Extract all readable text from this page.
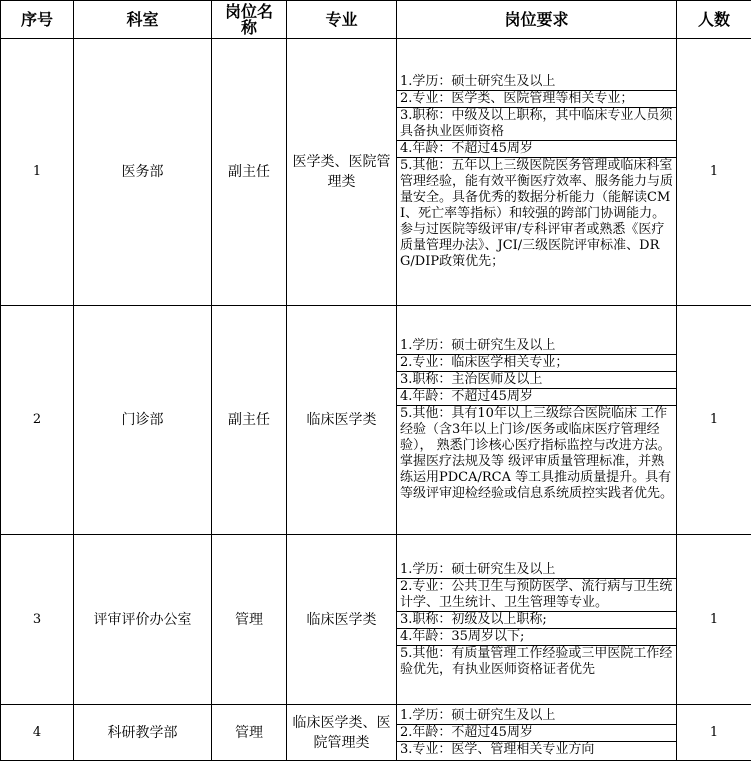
序号	科室	岗位名称	专业	岗位要求	人数
1	医务部	副主任	医学类、医院管理类	1.学历：硕士研究生及以上
2.专业：医学类、医院管理等相关专业；
3.职称：中级及以上职称，其中临床专业人员须具备执业医师资格
4.年龄：不超过45周岁
5.其他：五年以上三级医院医务管理或临床科室管理经验，能有效平衡医疗效率、服务能力与质量安全。具备优秀的数据分析能力（能解读CMI、死亡率等指标）和较强的跨部门协调能力。参与过医院等级评审/专科评审者或熟悉《医疗质量管理办法》、JCI/三级医院评审标准、DRG/DIP政策优先；	1
2	门诊部	副主任	临床医学类	1.学历：硕士研究生及以上
2.专业：临床医学相关专业；
3.职称：主治医师及以上
4.年龄：不超过45周岁
5.其他：具有10年以上三级综合医院临床 工作经验（含3年以上门诊/医务或临床医疗管理经验）， 熟悉门诊核心医疗指标监控与改进方法。掌握医疗法规及等 级评审质量管理标准，并熟练运用PDCA/RCA 等工具推动质量提升。具有等级评审迎检经验或信息系统质控实践者优先。	1
3	评审评价办公室	管理	临床医学类	1.学历：硕士研究生及以上
2.专业：公共卫生与预防医学、流行病与卫生统计学、卫生统计、卫生管理等专业。
3.职称：初级及以上职称;
4.年龄：35周岁以下;
5.其他：有质量管理工作经验或三甲医院工作经验优先，有执业医师资格证者优先	1
4	科研教学部	管理	临床医学类、医院管理类	1.学历：硕士研究生及以上
2.年龄：不超过45周岁
3.专业：医学、管理相关专业方向	1
